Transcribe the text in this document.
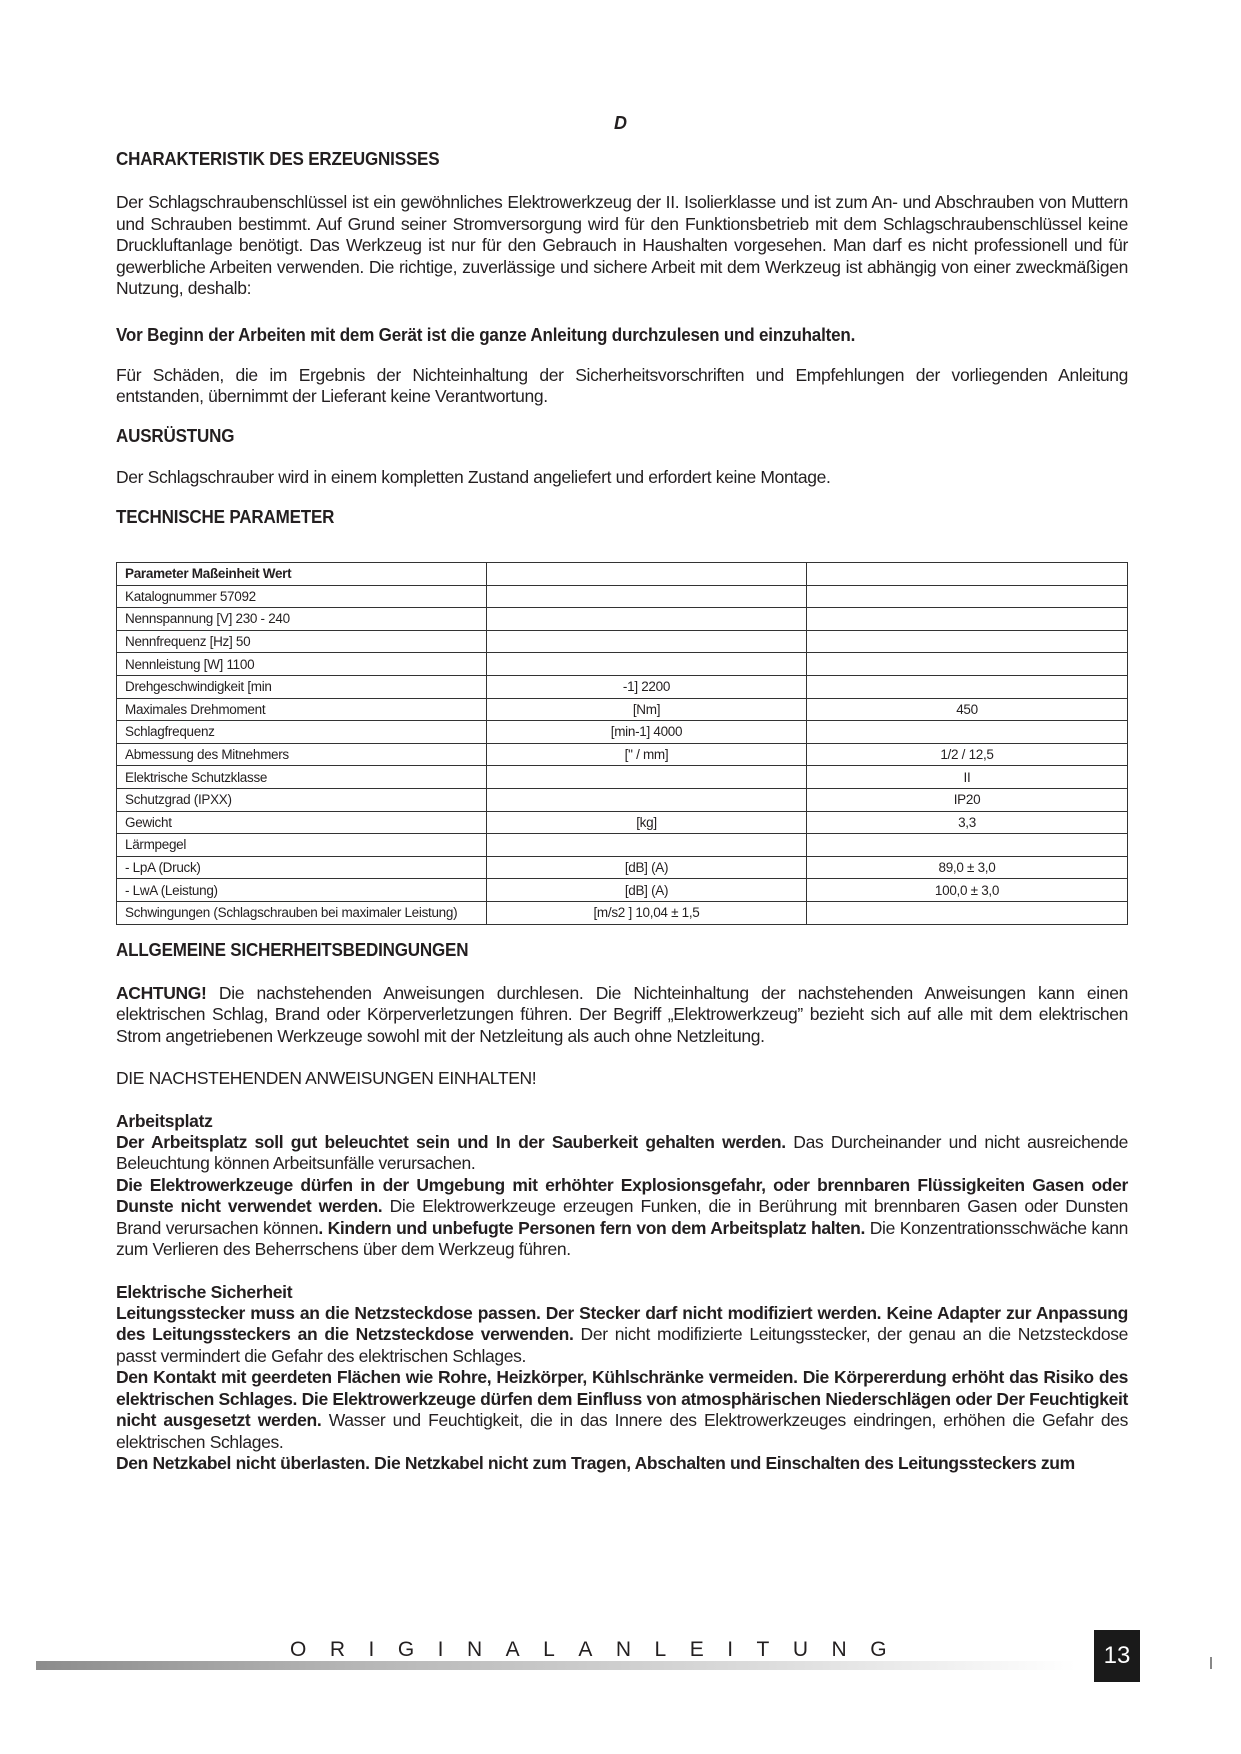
D
CHARAKTERISTIK DES ERZEUGNISSES
Der Schlagschraubenschlüssel ist ein gewöhnliches Elektrowerkzeug der II. Isolierklasse und ist zum An- und Abschrauben von Muttern und Schrauben bestimmt. Auf Grund seiner Stromversorgung wird für den Funktionsbetrieb mit dem Schlagschraubenschlüssel keine Druckluftanlage benötigt. Das Werkzeug ist nur für den Gebrauch in Haushalten vorgesehen. Man darf es nicht professionell und für gewerbliche Arbeiten verwenden. Die richtige, zuverlässige und sichere Arbeit mit dem Werkzeug ist abhängig von einer zweckmäßigen Nutzung, deshalb:
Vor Beginn der Arbeiten mit dem Gerät ist die ganze Anleitung durchzulesen und einzuhalten.
Für Schäden, die im Ergebnis der Nichteinhaltung der Sicherheitsvorschriften und Empfehlungen der vorliegenden Anleitung entstanden, übernimmt der Lieferant keine Verantwortung.
AUSRÜSTUNG
Der Schlagschrauber wird in einem kompletten Zustand angeliefert und erfordert keine Montage.
TECHNISCHE PARAMETER
Parameter Maßeinheit Wert		
Katalognummer 57092		
Nennspannung [V] 230 - 240		
Nennfrequenz [Hz] 50		
Nennleistung [W] 1100		
Drehgeschwindigkeit [min	-1] 2200	
Maximales Drehmoment	[Nm]	450
Schlagfrequenz	[min-1] 4000	
Abmessung des Mitnehmers	[" / mm]	1/2 / 12,5
Elektrische Schutzklasse		II
Schutzgrad (IPXX)		IP20
Gewicht	[kg]	3,3
Lärmpegel		
- LpA (Druck)	[dB] (A)	89,0 ± 3,0
- LwA (Leistung)	[dB] (A)	100,0 ± 3,0
Schwingungen (Schlagschrauben bei maximaler Leistung)	[m/s2 ] 10,04 ± 1,5	
ALLGEMEINE SICHERHEITSBEDINGUNGEN
ACHTUNG! Die nachstehenden Anweisungen durchlesen. Die Nichteinhaltung der nachstehenden Anweisungen kann einen elektrischen Schlag, Brand oder Körperverletzungen führen. Der Begriff „Elektrowerkzeug” bezieht sich auf alle mit dem elektrischen Strom angetriebenen Werkzeuge sowohl mit der Netzleitung als auch ohne Netzleitung.
DIE NACHSTEHENDEN ANWEISUNGEN EINHALTEN!
Arbeitsplatz
Der Arbeitsplatz soll gut beleuchtet sein und In der Sauberkeit gehalten werden. Das Durcheinander und nicht ausreichende Beleuchtung können Arbeitsunfälle verursachen.
Die Elektrowerkzeuge dürfen in der Umgebung mit erhöhter Explosionsgefahr, oder brennbaren Flüssigkeiten Gasen oder Dunste nicht verwendet werden. Die Elektrowerkzeuge erzeugen Funken, die in Berührung mit brennbaren Gasen oder Dunsten Brand verursachen können. Kindern und unbefugte Personen fern von dem Arbeitsplatz halten. Die Konzentrationsschwäche kann zum Verlieren des Beherrschens über dem Werkzeug führen.
Elektrische Sicherheit
Leitungsstecker muss an die Netzsteckdose passen. Der Stecker darf nicht modifiziert werden. Keine Adapter zur Anpassung des Leitungssteckers an die Netzsteckdose verwenden. Der nicht modifizierte Leitungsstecker, der genau an die Netzsteckdose passt vermindert die Gefahr des elektrischen Schlages.
Den Kontakt mit geerdeten Flächen wie Rohre, Heizkörper, Kühlschränke vermeiden. Die Körpererdung erhöht das Risiko des elektrischen Schlages. Die Elektrowerkzeuge dürfen dem Einfluss von atmosphärischen Niederschlägen oder Der Feuchtigkeit nicht ausgesetzt werden. Wasser und Feuchtigkeit, die in das Innere des Elektrowerkzeuges eindringen, erhöhen die Gefahr des elektrischen Schlages.
Den Netzkabel nicht überlasten. Die Netzkabel nicht zum Tragen, Abschalten und Einschalten des Leitungssteckers zum
ORIGINALANLEITUNG	13
